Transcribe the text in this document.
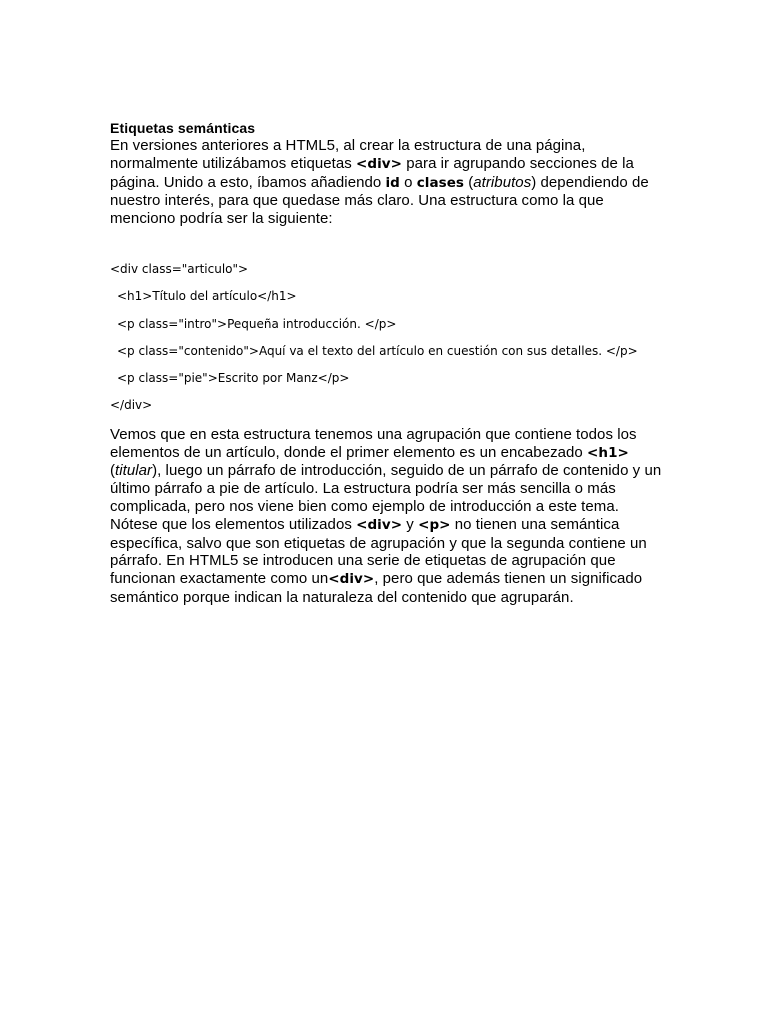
Etiquetas semánticas

En versiones anteriores a HTML5, al crear la estructura de una página, normalmente utilizábamos etiquetas <div> para ir agrupando secciones de la página. Unido a esto, íbamos añadiendo id o clases (atributos) dependiendo de nuestro interés, para que quedase más claro. Una estructura como la que menciono podría ser la siguiente:

<div class="articulo">
<h1>Título del artículo</h1>
<p class="intro">Pequeña introducción. </p>
<p class="contenido">Aquí va el texto del artículo en cuestión con sus detalles. </p>
<p class="pie">Escrito por Manz</p>
</div>

Vemos que en esta estructura tenemos una agrupación que contiene todos los elementos de un artículo, donde el primer elemento es un encabezado <h1> (titular), luego un párrafo de introducción, seguido de un párrafo de contenido y un último párrafo a pie de artículo. La estructura podría ser más sencilla o más complicada, pero nos viene bien como ejemplo de introducción a este tema.

Nótese que los elementos utilizados <div> y <p> no tienen una semántica específica, salvo que son etiquetas de agrupación y que la segunda contiene un párrafo. En HTML5 se introducen una serie de etiquetas de agrupación que funcionan exactamente como un<div>, pero que además tienen un significado semántico porque indican la naturaleza del contenido que agruparán.
